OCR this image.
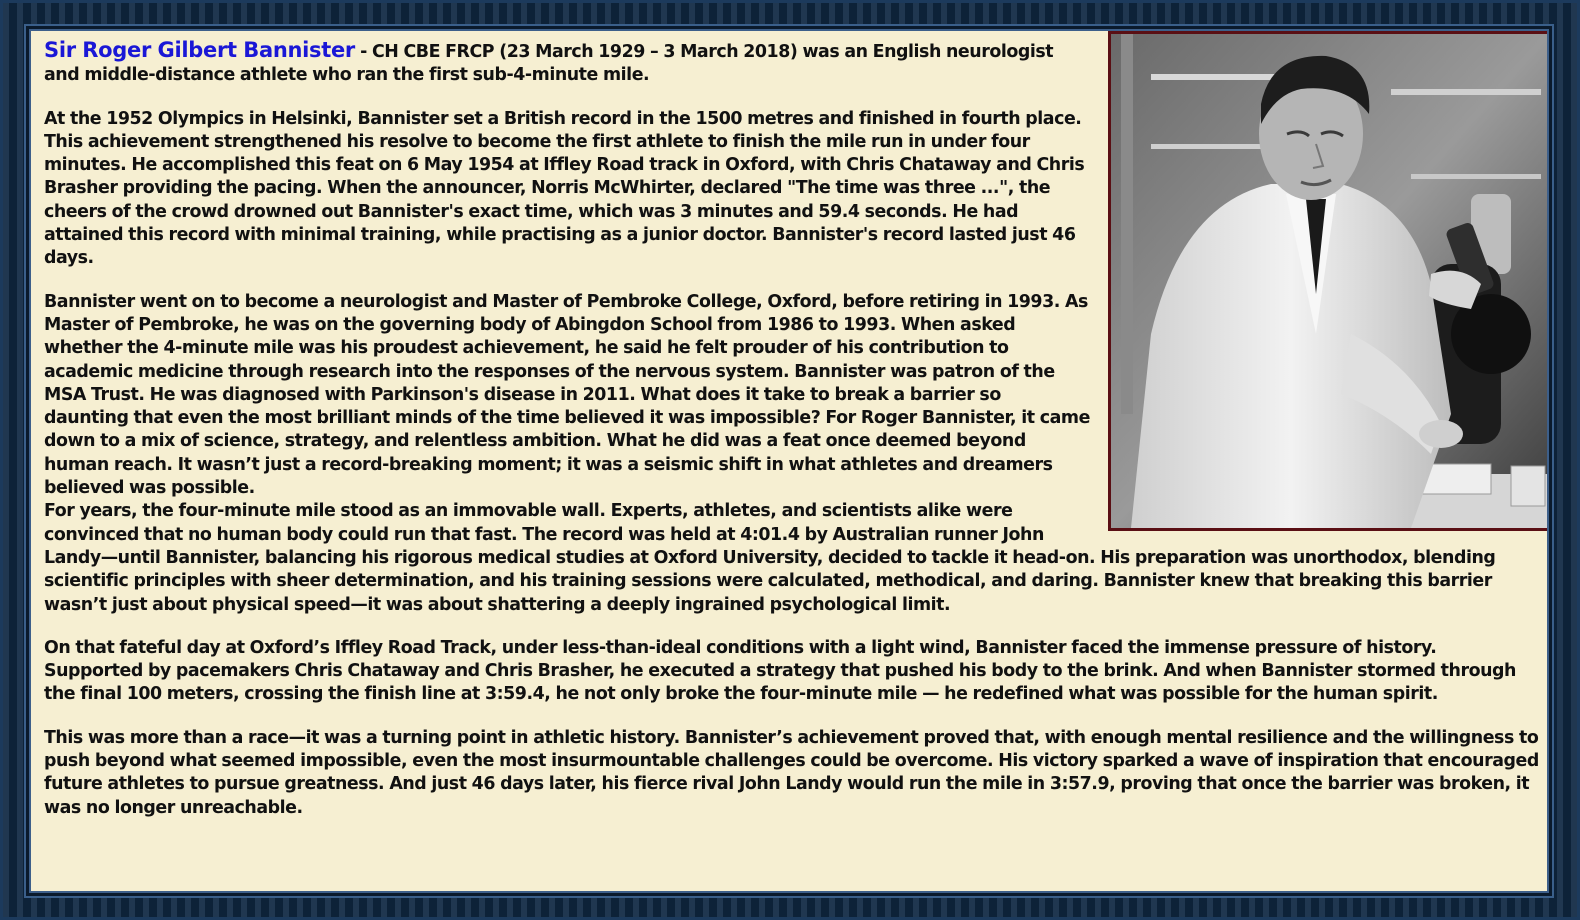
Sir Roger Gilbert Bannister - CH CBE FRCP (23 March 1929 – 3 March 2018) was an English neurologist and middle-distance athlete who ran the first sub-4-minute mile.

At the 1952 Olympics in Helsinki, Bannister set a British record in the 1500 metres and finished in fourth place. This achievement strengthened his resolve to become the first athlete to finish the mile run in under four minutes. He accomplished this feat on 6 May 1954 at Iffley Road track in Oxford, with Chris Chataway and Chris Brasher providing the pacing. When the announcer, Norris McWhirter, declared "The time was three ...", the cheers of the crowd drowned out Bannister's exact time, which was 3 minutes and 59.4 seconds. He had attained this record with minimal training, while practising as a junior doctor. Bannister's record lasted just 46 days.

Bannister went on to become a neurologist and Master of Pembroke College, Oxford, before retiring in 1993. As Master of Pembroke, he was on the governing body of Abingdon School from 1986 to 1993. When asked whether the 4-minute mile was his proudest achievement, he said he felt prouder of his contribution to academic medicine through research into the responses of the nervous system. Bannister was patron of the MSA Trust. He was diagnosed with Parkinson's disease in 2011. What does it take to break a barrier so daunting that even the most brilliant minds of the time believed it was impossible? For Roger Bannister, it came down to a mix of science, strategy, and relentless ambition. What he did was a feat once deemed beyond human reach. It wasn’t just a record-breaking moment; it was a seismic shift in what athletes and dreamers believed was possible.

For years, the four-minute mile stood as an immovable wall. Experts, athletes, and scientists alike were convinced that no human body could run that fast. The record was held at 4:01.4 by Australian runner John Landy—until Bannister, balancing his rigorous medical studies at Oxford University, decided to tackle it head-on. His preparation was unorthodox, blending scientific principles with sheer determination, and his training sessions were calculated, methodical, and daring. Bannister knew that breaking this barrier wasn’t just about physical speed—it was about shattering a deeply ingrained psychological limit.

On that fateful day at Oxford’s Iffley Road Track, under less-than-ideal conditions with a light wind, Bannister faced the immense pressure of history. Supported by pacemakers Chris Chataway and Chris Brasher, he executed a strategy that pushed his body to the brink. And when Bannister stormed through the final 100 meters, crossing the finish line at 3:59.4, he not only broke the four-minute mile — he redefined what was possible for the human spirit.

This was more than a race—it was a turning point in athletic history. Bannister’s achievement proved that, with enough mental resilience and the willingness to push beyond what seemed impossible, even the most insurmountable challenges could be overcome. His victory sparked a wave of inspiration that encouraged future athletes to pursue greatness. And just 46 days later, his fierce rival John Landy would run the mile in 3:57.9, proving that once the barrier was broken, it was no longer unreachable.
